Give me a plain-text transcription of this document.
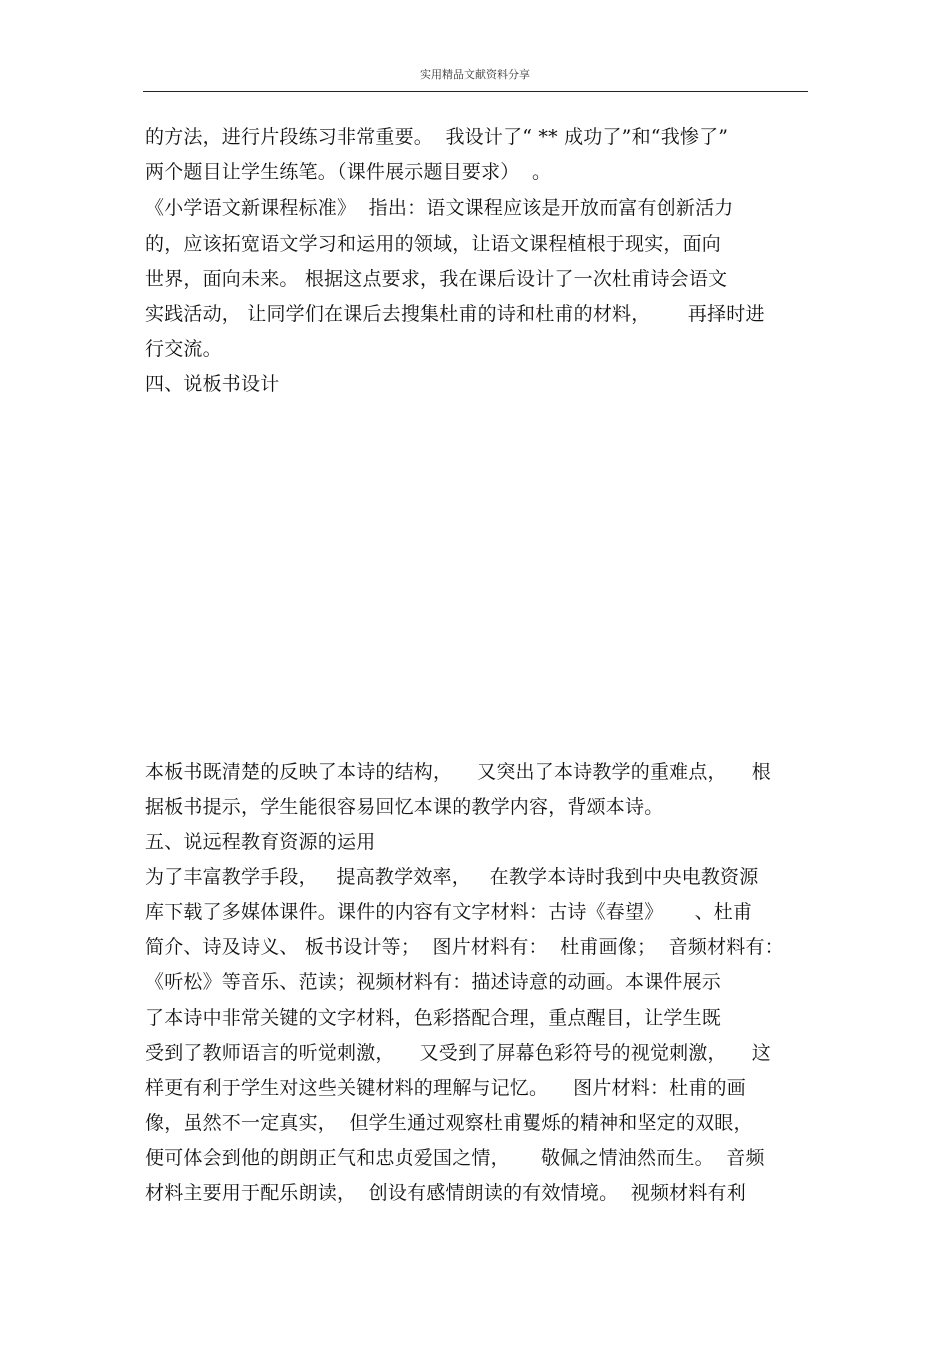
实用精品文献资料分享
的方法，进行片段练习非常重要。  我设计了“ ** 成功了”和“我惨了”
两个题目让学生练笔。（课件展示题目要求）  。
《小学语文新课程标准》  指出：语文课程应该是开放而富有创新活力
的，应该拓宽语文学习和运用的领域，让语文课程植根于现实，面向
世界，面向未来。 根据这点要求，我在课后设计了一次杜甫诗会语文
实践活动， 让同学们在课后去搜集杜甫的诗和杜甫的材料，      再择时进
行交流。
四、说板书设计
本板书既清楚的反映了本诗的结构，    又突出了本诗教学的重难点，    根
据板书提示，学生能很容易回忆本课的教学内容，背颂本诗。
五、说远程教育资源的运用
为了丰富教学手段，   提高教学效率，   在教学本诗时我到中央电教资源
库下载了多媒体课件。课件的内容有文字材料：古诗《春望》     、杜甫
简介、诗及诗义、 板书设计等；  图片材料有：  杜甫画像；  音频材料有：
《听松》等音乐、范读；视频材料有：描述诗意的动画。本课件展示
了本诗中非常关键的文字材料，色彩搭配合理，重点醒目，让学生既
受到了教师语言的听觉刺激，    又受到了屏幕色彩符号的视觉刺激，    这
样更有利于学生对这些关键材料的理解与记忆。    图片材料：杜甫的画
像，虽然不一定真实，  但学生通过观察杜甫矍烁的精神和坚定的双眼，
便可体会到他的朗朗正气和忠贞爱国之情，     敬佩之情油然而生。  音频
材料主要用于配乐朗读，  创设有感情朗读的有效情境。  视频材料有利
